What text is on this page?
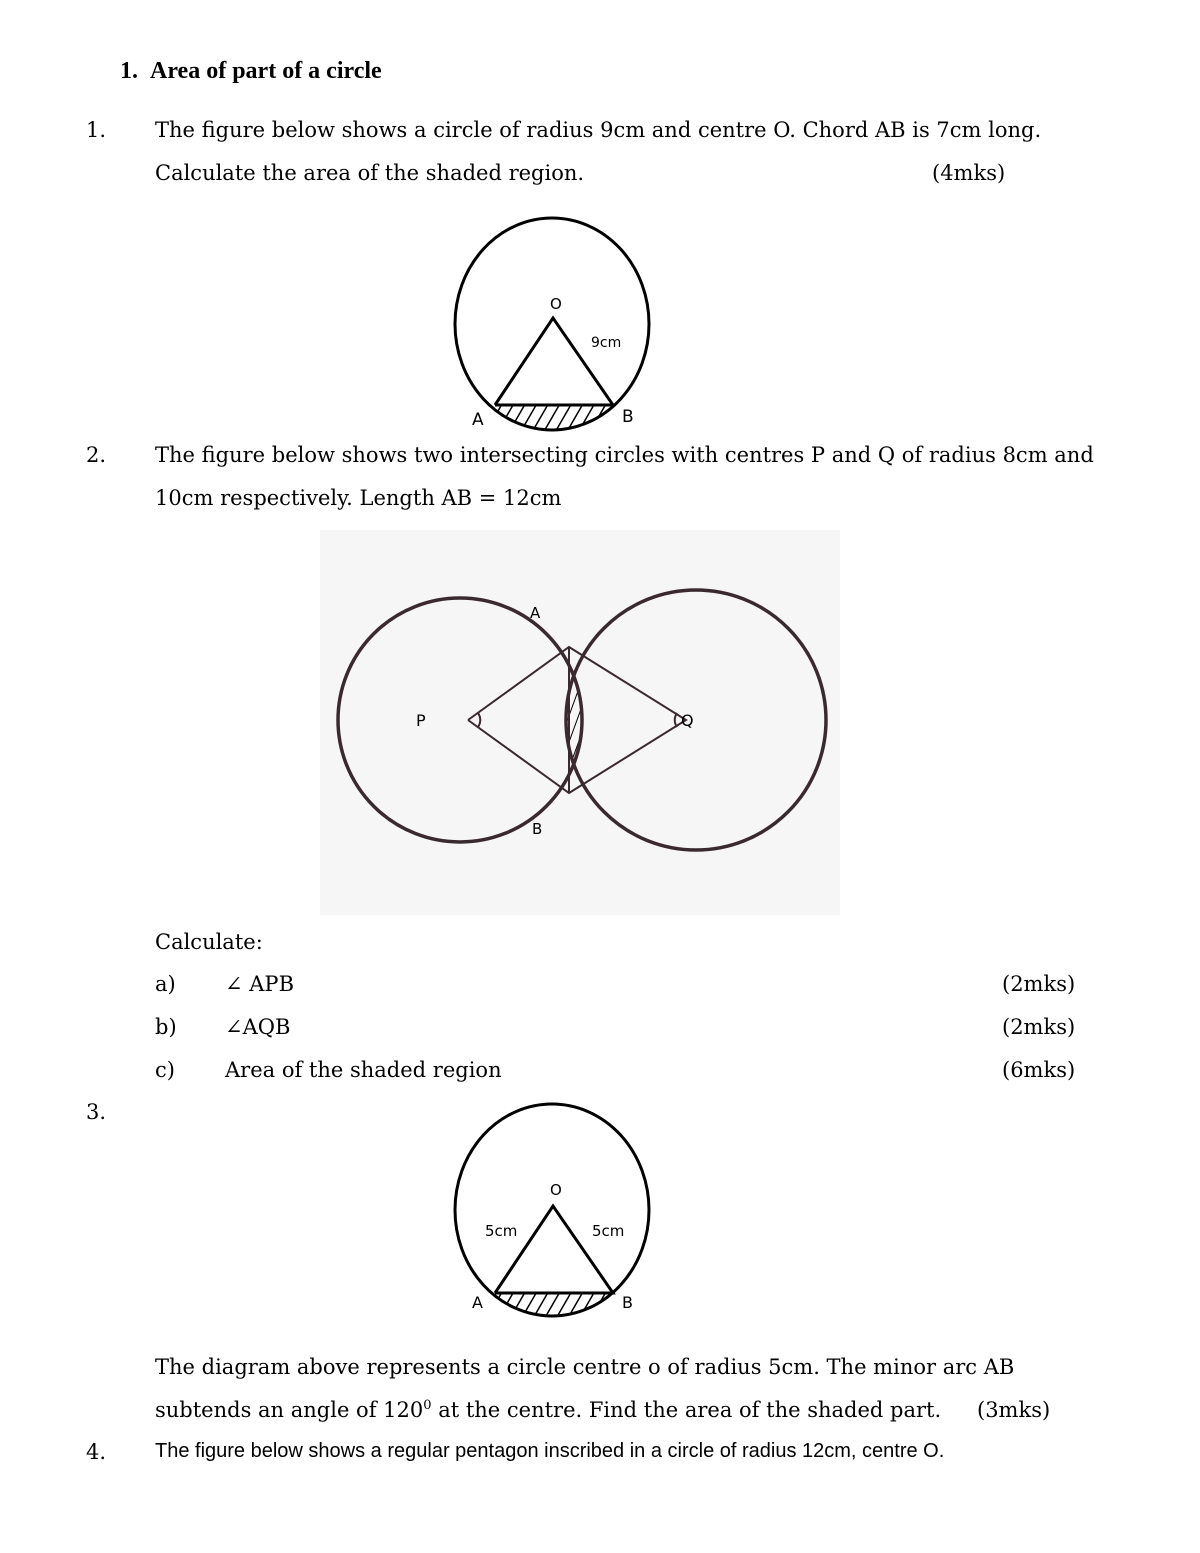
1. Area of part of a circle
1. The figure below shows a circle of radius 9cm and centre O. Chord AB is 7cm long.
Calculate the area of the shaded region.	(4mks)
O
9cm
A	B
2. The figure below shows two intersecting circles with centres P and Q of radius 8cm and
10cm respectively. Length AB = 12cm
P	Q
A
B
Calculate:
a) ∠ APB	(2mks)
b) ∠AQB	(2mks)
c) Area of the shaded region	(6mks)
3.
O
5cm	5cm
A	B
The diagram above represents a circle centre o of radius 5cm. The minor arc AB
subtends an angle of $120^0$ at the centre. Find the area of the shaded part. (3mks)
4. The figure below shows a regular pentagon inscribed in a circle of radius 12cm, centre O.
